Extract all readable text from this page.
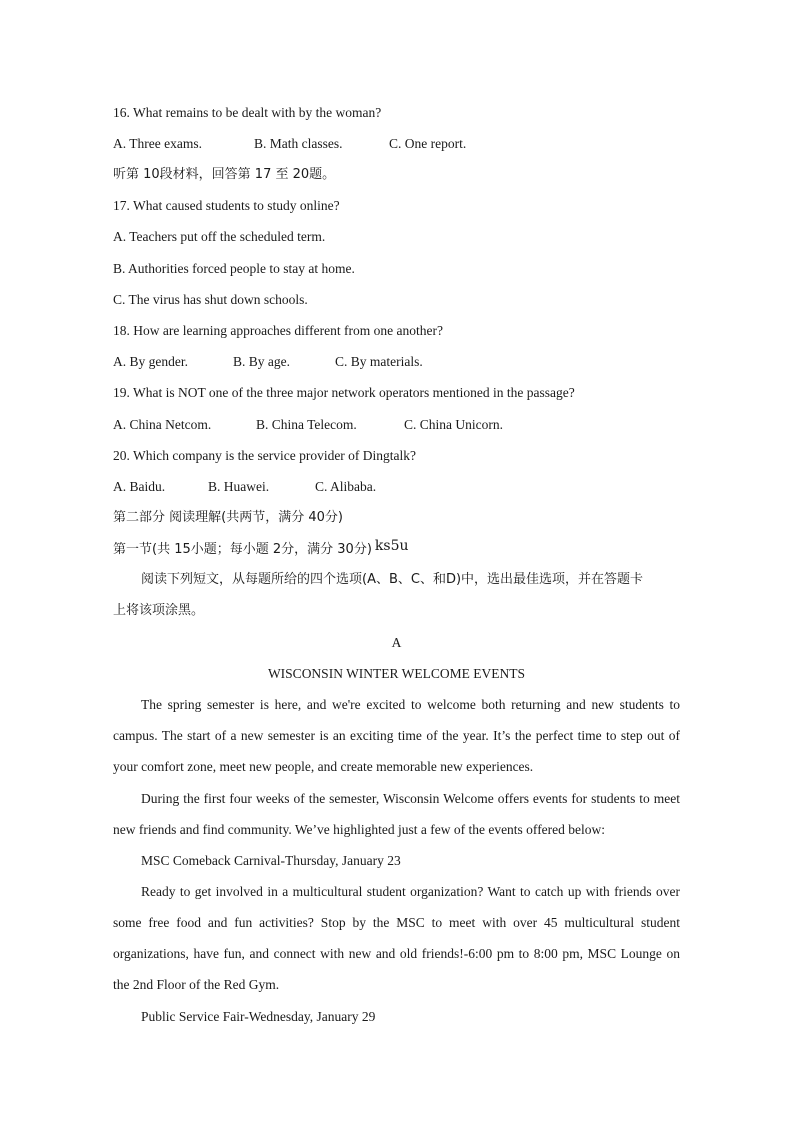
16. What remains to be dealt with by the woman?
A. Three exams.	B. Math classes.	C. One report.
听第 10段材料，回答第 17 至 20题。
17. What caused students to study online?
A. Teachers put off the scheduled term.
B. Authorities forced people to stay at home.
C. The virus has shut down schools.
18. How are learning approaches different from one another?
A. By gender.	B. By age.	C. By materials.
19. What is NOT one of the three major network operators mentioned in the passage?
A. China Netcom.	B. China Telecom.	C. China Unicorn.
20. Which company is the service provider of Dingtalk?
A. Baidu.	B. Huawei.	C. Alibaba.
第二部分 阅读理解(共两节，满分 40分)
第一节(共 15小题；每小题 2分，满分 30分) ks5u
阅读下列短文，从每题所给的四个选项(A、B、C、和D)中，选出最佳选项，并在答题卡
上将该项涂黑。
A
WISCONSIN WINTER WELCOME EVENTS
The spring semester is here, and we're excited to welcome both returning and new students to campus. The start of a new semester is an exciting time of the year. It’s the perfect time to step out of your comfort zone, meet new people, and create memorable new experiences.
During the first four weeks of the semester, Wisconsin Welcome offers events for students to meet new friends and find community. We’ve highlighted just a few of the events offered below:
MSC Comeback Carnival-Thursday, January 23
Ready to get involved in a multicultural student organization? Want to catch up with friends over some free food and fun activities? Stop by the MSC to meet with over 45 multicultural student organizations, have fun, and connect with new and old friends!-6:00 pm to 8:00 pm, MSC Lounge on the 2nd Floor of the Red Gym.
Public Service Fair-Wednesday, January 29
